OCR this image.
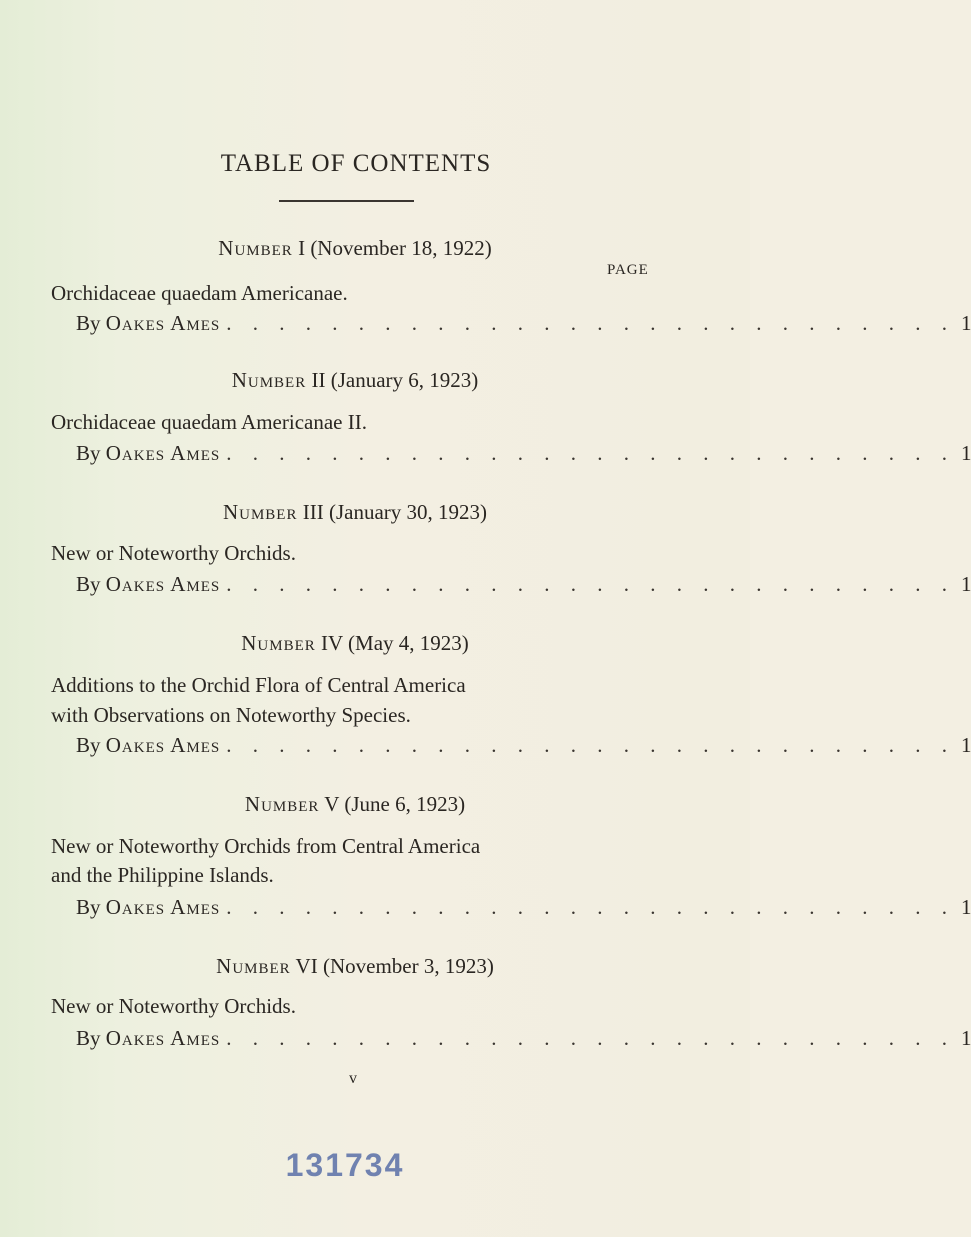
TABLE OF CONTENTS
PAGE
Number I (November 18, 1922)
Orchidaceae quaedam Americanae.
By
Oakes Ames . . . . . . . . . . . . . . . . . . . . . . . . . . . . 1
Number II (January 6, 1923)
Orchidaceae quaedam Americanae II.
By
Oakes Ames . . . . . . . . . . . . . . . . . . . . . . . . . . . . 1
Number III (January 30, 1923)
New or Noteworthy Orchids.
By
Oakes Ames . . . . . . . . . . . . . . . . . . . . . . . . . . . . 1
Number IV (May 4, 1923)
Additions to the Orchid Flora of Central America
with Observations on Noteworthy Species.
By
Oakes Ames . . . . . . . . . . . . . . . . . . . . . . . . . . . . 1
Number V (June 6, 1923)
New or Noteworthy Orchids from Central America
and the Philippine Islands.
By
Oakes Ames . . . . . . . . . . . . . . . . . . . . . . . . . . . . 1
Number VI (November 3, 1923)
New or Noteworthy Orchids.
By
Oakes Ames . . . . . . . . . . . . . . . . . . . . . . . . . . . . 1
v
131734
